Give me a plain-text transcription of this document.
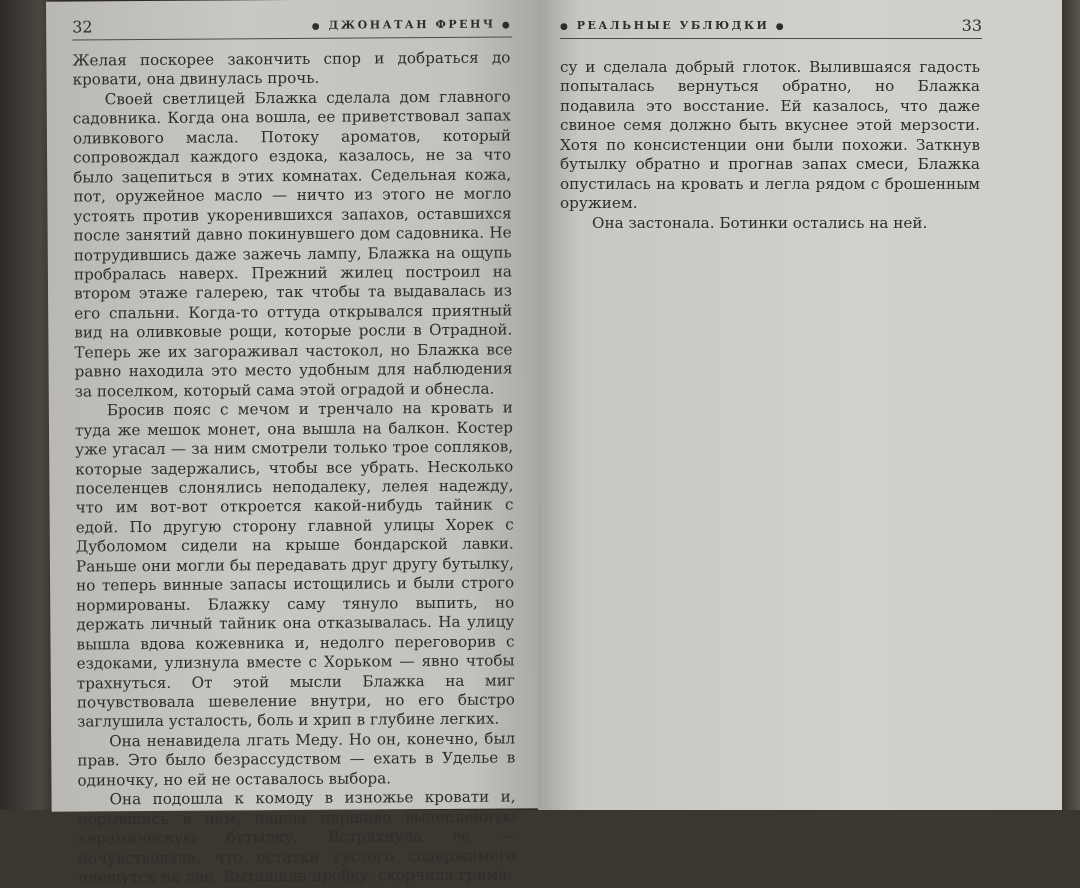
32	● ДЖОНАТАН ФРЕНЧ ●

Желая поскорее закончить спор и добраться до кровати, она двинулась прочь.

Своей светлицей Блажка сделала дом главного садовника. Когда она вошла, ее приветствовал запах оливкового масла. Потоку ароматов, который сопровождал каждого ездока, казалось, не за что было зацепиться в этих комнатах. Седельная кожа, пот, оружейное масло — ничто из этого не могло устоять против укоренившихся запахов, оставшихся после занятий давно покинувшего дом садовника. Не потрудившись даже зажечь лампу, Блажка на ощупь пробралась наверх. Прежний жилец построил на втором этаже галерею, так чтобы та выдавалась из его спальни. Когда-то оттуда открывался приятный вид на оливковые рощи, которые росли в Отрадной. Теперь же их загораживал частокол, но Блажка все равно находила это место удобным для наблюдения за поселком, который сама этой оградой и обнесла.

Бросив пояс с мечом и тренчало на кровать и туда же мешок монет, она вышла на балкон. Костер уже угасал — за ним смотрели только трое сопляков, которые задержались, чтобы все убрать. Несколько поселенцев слонялись неподалеку, лелея надежду, что им вот-вот откроется какой-нибудь тайник с едой. По другую сторону главной улицы Хорек с Дуболомом сидели на крыше бондарской лавки. Раньше они могли бы передавать друг другу бутылку, но теперь винные запасы истощились и были строго нормированы. Блажку саму тянуло выпить, но держать личный тайник она отказывалась. На улицу вышла вдова кожевника и, недолго переговорив с ездоками, улизнула вместе с Хорьком — явно чтобы трахнуться. От этой мысли Блажка на миг почувствовала шевеление внутри, но его быстро заглушила усталость, боль и хрип в глубине легких.

Она ненавидела лгать Меду. Но он, конечно, был прав. Это было безрассудством — ехать в Уделье в одиночку, но ей не оставалось выбора.

Она подошла к комоду в изножье кровати и, порывшись в нем, нашла паршиво вылепленную керамическую бутылку. Встряхнула ее — почувствовала, что остатки густого содержимого плещутся на дне. Вытащила пробку, скорчила грима-

● РЕАЛЬНЫЕ УБЛЮДКИ ●	33

су и сделала добрый глоток. Вылившаяся гадость попыталась вернуться обратно, но Блажка подавила это восстание. Ей казалось, что даже свиное семя должно быть вкуснее этой мерзости. Хотя по консистенции они были похожи. Заткнув бутылку обратно и прогнав запах смеси, Блажка опустилась на кровать и легла рядом с брошенным оружием.

Она застонала. Ботинки остались на ней.
